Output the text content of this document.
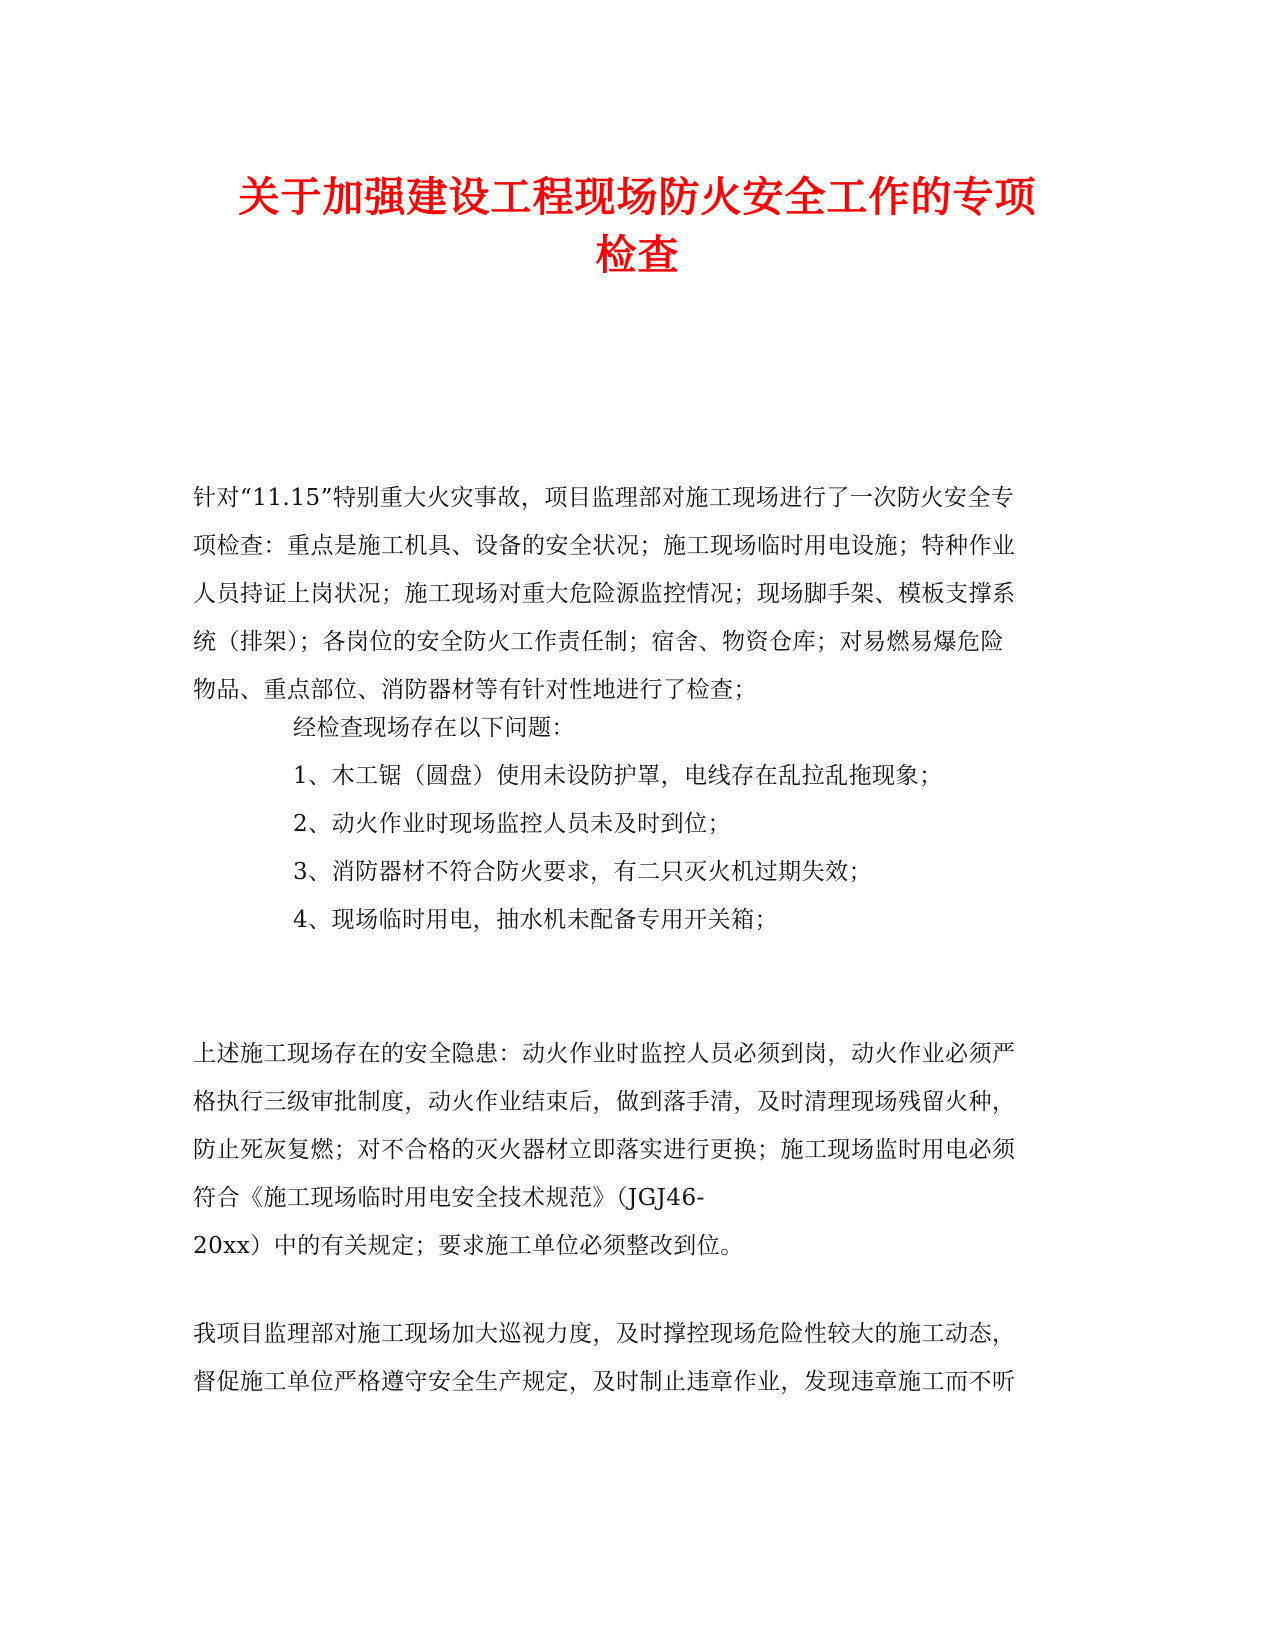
关于加强建设工程现场防火安全工作的专项
检查
针对“11.15”特别重大火灾事故，项目监理部对施工现场进行了一次防火安全专
项检查：重点是施工机具、设备的安全状况；施工现场临时用电设施；特种作业
人员持证上岗状况；施工现场对重大危险源监控情况；现场脚手架、模板支撑系
统（排架）；各岗位的安全防火工作责任制；宿舍、物资仓库；对易燃易爆危险
物品、重点部位、消防器材等有针对性地进行了检查；
经检查现场存在以下问题：
1、木工锯（圆盘）使用未设防护罩，电线存在乱拉乱拖现象；
2、动火作业时现场监控人员未及时到位；
3、消防器材不符合防火要求，有二只灭火机过期失效；
4、现场临时用电，抽水机未配备专用开关箱；
上述施工现场存在的安全隐患：动火作业时监控人员必须到岗，动火作业必须严
格执行三级审批制度，动火作业结束后，做到落手清，及时清理现场残留火种，
防止死灰复燃；对不合格的灭火器材立即落实进行更换；施工现场监时用电必须
符合《施工现场临时用电安全技术规范》（JGJ46-
20xx）中的有关规定；要求施工单位必须整改到位。
我项目监理部对施工现场加大巡视力度，及时撑控现场危险性较大的施工动态，
督促施工单位严格遵守安全生产规定，及时制止违章作业，发现违章施工而不听
